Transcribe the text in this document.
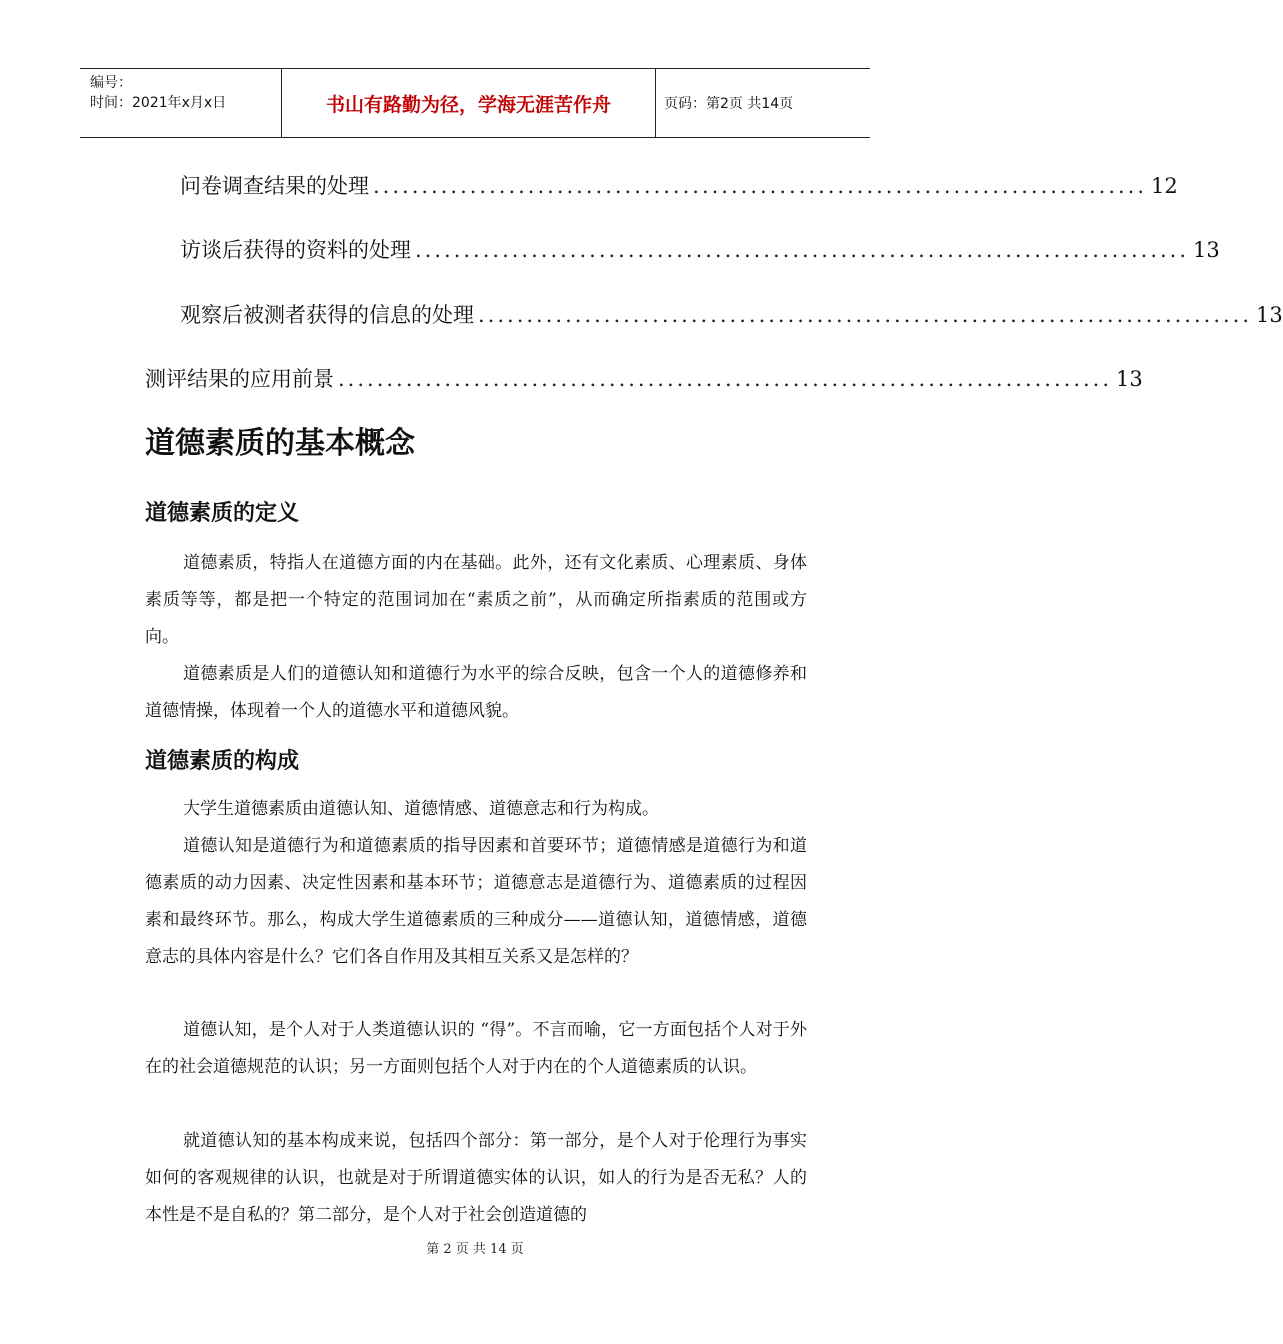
编号：
时间：2021年x月x日	书山有路勤为径，学海无涯苦作舟	页码：第2页 共14页
问卷调查结果的处理 ................................................................................ 12
访谈后获得的资料的处理 ................................................................................ 13
观察后被测者获得的信息的处理 ................................................................................ 13
测评结果的应用前景 ................................................................................ 13
道德素质的基本概念
道德素质的定义

道德素质，特指人在道德方面的内在基础。此外，还有文化素质、心理素质、身体素质等等，都是把一个特定的范围词加在“素质之前”，从而确定所指素质的范围或方向。

道德素质是人们的道德认知和道德行为水平的综合反映，包含一个人的道德修养和道德情操，体现着一个人的道德水平和道德风貌。

道德素质的构成

大学生道德素质由道德认知、道德情感、道德意志和行为构成。

道德认知是道德行为和道德素质的指导因素和首要环节；道德情感是道德行为和道德素质的动力因素、决定性因素和基本环节；道德意志是道德行为、道德素质的过程因素和最终环节。那么，构成大学生道德素质的三种成分——道德认知，道德情感，道德意志的具体内容是什么？它们各自作用及其相互关系又是怎样的？

道德认知，是个人对于人类道德认识的 “得”。不言而喻，它一方面包括个人对于外在的社会道德规范的认识；另一方面则包括个人对于内在的个人道德素质的认识。

就道德认知的基本构成来说，包括四个部分：第一部分，是个人对于伦理行为事实如何的客观规律的认识，也就是对于所谓道德实体的认识，如人的行为是否无私？人的本性是不是自私的？第二部分，是个人对于社会创造道德的

第 2 页 共 14 页
